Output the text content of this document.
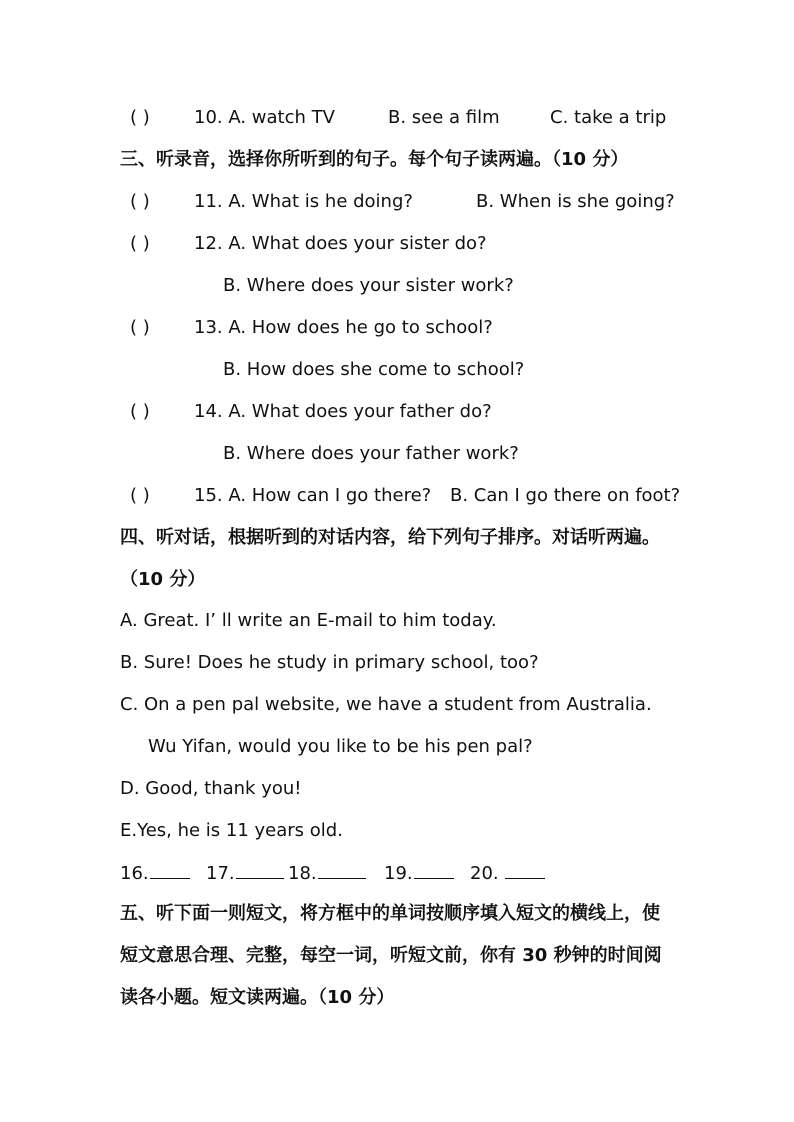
( ) 10. A. watch TV	B. see a film	C. take a trip
三、听录音，选择你所听到的句子。每个句子读两遍。（10 分）
( ) 11. A. What is he doing?	B. When is she going?
( ) 12. A. What does your sister do?
B. Where does your sister work?
( ) 13. A. How does he go to school?
B. How does she come to school?
( ) 14. A. What does your father do?
B. Where does your father work?
( ) 15. A. How can I go there? B. Can I go there on foot?
四、听对话，根据听到的对话内容，给下列句子排序。对话听两遍。
（10 分）
A. Great. I’ ll write an E-mail to him today.
B. Sure! Does he study in primary school, too?
C. On a pen pal website, we have a student from Australia.
Wu Yifan, would you like to be his pen pal?
D. Good, thank you!
E.Yes, he is 11 years old.
16.	17.	18.	19.	20.
五、听下面一则短文，将方框中的单词按顺序填入短文的横线上，使
短文意思合理、完整，每空一词，听短文前，你有 30 秒钟的时间阅
读各小题。短文读两遍。（10 分）
